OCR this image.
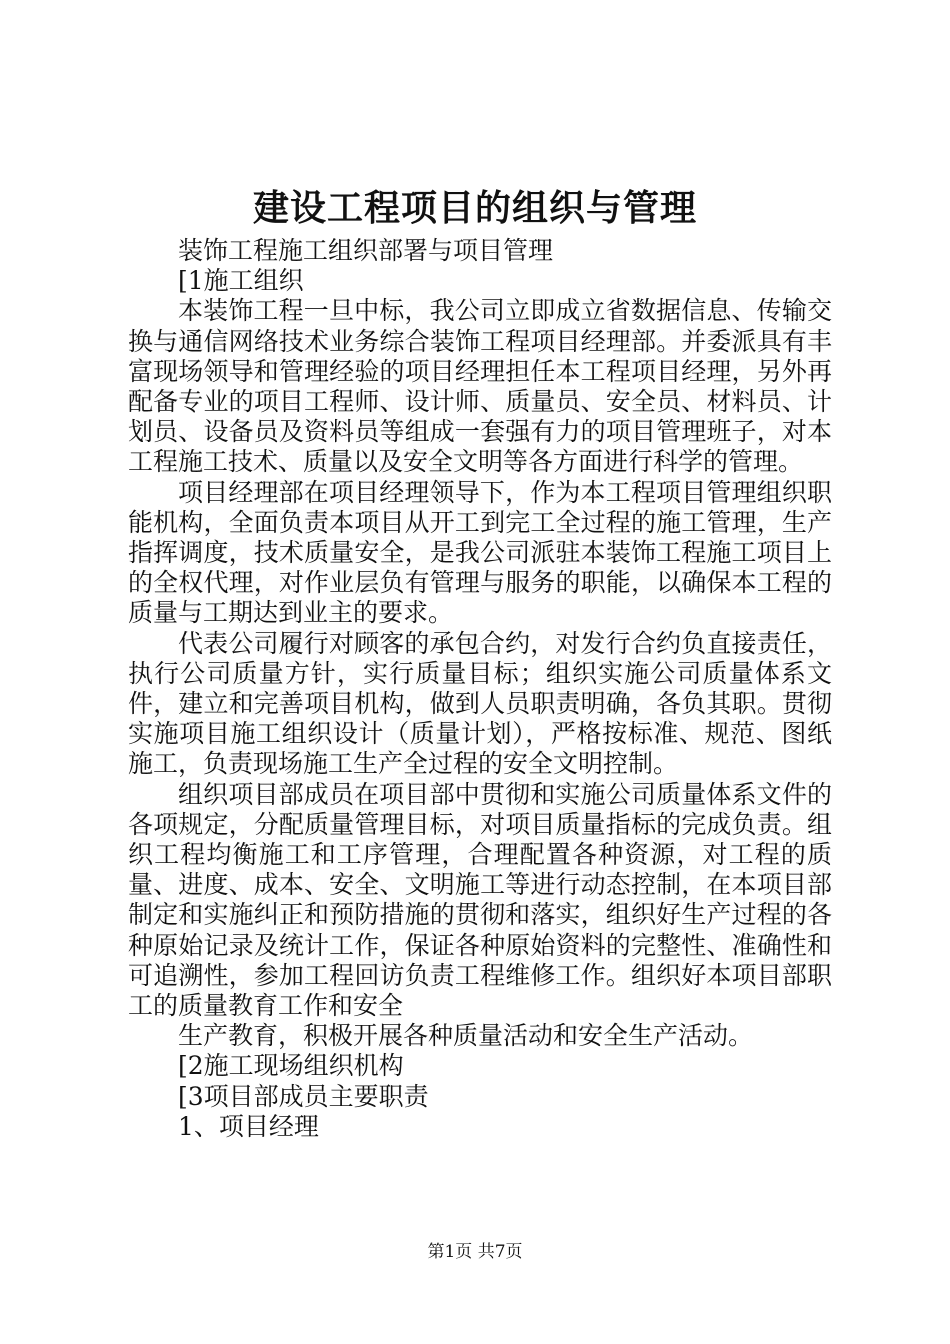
建设工程项目的组织与管理

装饰工程施工组织部署与项目管理

[1施工组织

本装饰工程一旦中标，我公司立即成立省数据信息、传输交换与通信网络技术业务综合装饰工程项目经理部。并委派具有丰富现场领导和管理经验的项目经理担任本工程项目经理，另外再配备专业的项目工程师、设计师、质量员、安全员、材料员、计划员、设备员及资料员等组成一套强有力的项目管理班子，对本工程施工技术、质量以及安全文明等各方面进行科学的管理。

项目经理部在项目经理领导下，作为本工程项目管理组织职能机构，全面负责本项目从开工到完工全过程的施工管理，生产指挥调度，技术质量安全，是我公司派驻本装饰工程施工项目上的全权代理，对作业层负有管理与服务的职能，以确保本工程的质量与工期达到业主的要求。

代表公司履行对顾客的承包合约，对发行合约负直接责任，执行公司质量方针，实行质量目标；组织实施公司质量体系文件，建立和完善项目机构，做到人员职责明确，各负其职。贯彻实施项目施工组织设计（质量计划），严格按标准、规范、图纸施工，负责现场施工生产全过程的安全文明控制。

组织项目部成员在项目部中贯彻和实施公司质量体系文件的各项规定，分配质量管理目标，对项目质量指标的完成负责。组织工程均衡施工和工序管理，合理配置各种资源，对工程的质量、进度、成本、安全、文明施工等进行动态控制，在本项目部制定和实施纠正和预防措施的贯彻和落实，组织好生产过程的各种原始记录及统计工作，保证各种原始资料的完整性、准确性和可追溯性，参加工程回访负责工程维修工作。组织好本项目部职工的质量教育工作和安全

生产教育，积极开展各种质量活动和安全生产活动。

[2施工现场组织机构

[3项目部成员主要职责

1、项目经理

第1页 共7页
